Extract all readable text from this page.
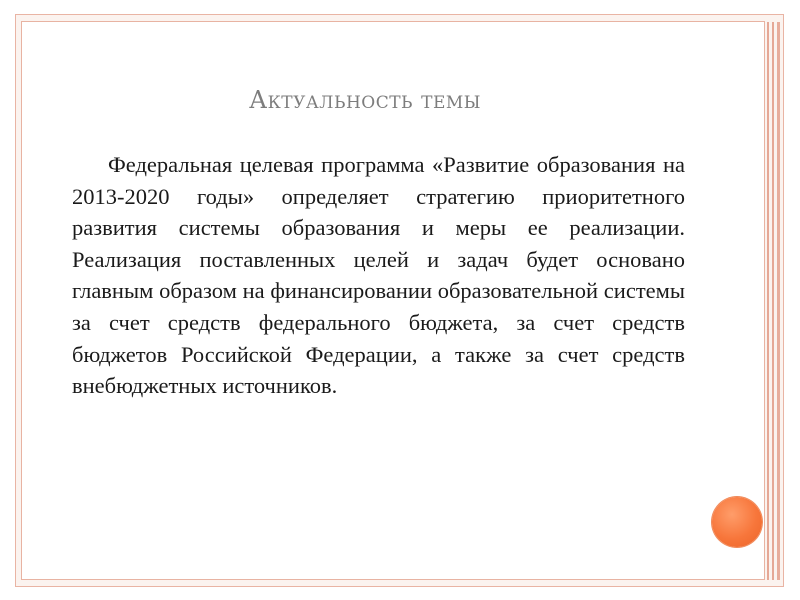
Актуальность темы

Федеральная целевая программа «Развитие образования на 2013-2020 годы» определяет стратегию приоритетного развития системы образования и меры ее реализации. Реализация поставленных целей и задач будет основано главным образом на финансировании образовательной системы за счет средств федерального бюджета, за счет средств бюджетов Российской Федерации, а также за счет средств внебюджетных источников.
